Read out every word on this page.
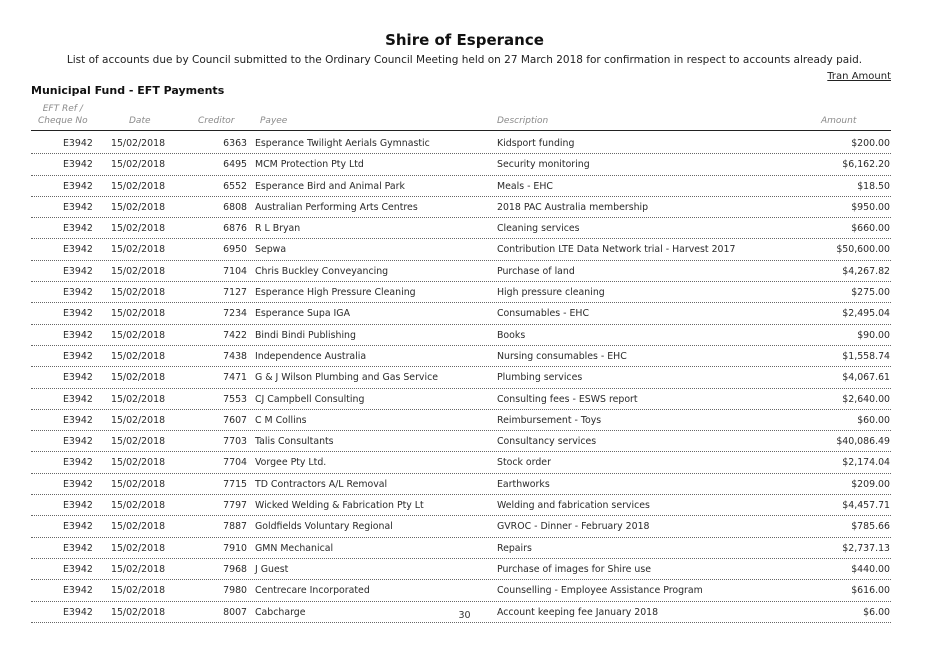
Shire of Esperance
List of accounts due by Council submitted to the Ordinary Council Meeting held on 27 March 2018 for confirmation in respect to accounts already paid.
Tran Amount
Municipal Fund - EFT Payments
EFT Ref /
Cheque No	Date	Creditor	Payee	Description	Amount
E3942 15/02/2018	6363 Esperance Twilight Aerials Gymnastic	Kidsport funding	$200.00
E3942 15/02/2018	6495 MCM Protection Pty Ltd	Security monitoring	$6,162.20
E3942 15/02/2018	6552 Esperance Bird and Animal Park	Meals - EHC	$18.50
E3942 15/02/2018	6808 Australian Performing Arts Centres	2018 PAC Australia membership	$950.00
E3942 15/02/2018	6876 R L Bryan	Cleaning services	$660.00
E3942 15/02/2018	6950 Sepwa	Contribution LTE Data Network trial - Harvest 2017	$50,600.00
E3942 15/02/2018	7104 Chris Buckley Conveyancing	Purchase of land	$4,267.82
E3942 15/02/2018	7127 Esperance High Pressure Cleaning	High pressure cleaning	$275.00
E3942 15/02/2018	7234 Esperance Supa IGA	Consumables - EHC	$2,495.04
E3942 15/02/2018	7422 Bindi Bindi Publishing	Books	$90.00
E3942 15/02/2018	7438 Independence Australia	Nursing consumables - EHC	$1,558.74
E3942 15/02/2018	7471 G & J Wilson Plumbing and Gas Service	Plumbing services	$4,067.61
E3942 15/02/2018	7553 CJ Campbell Consulting	Consulting fees - ESWS report	$2,640.00
E3942 15/02/2018	7607 C M Collins	Reimbursement - Toys	$60.00
E3942 15/02/2018	7703 Talis Consultants	Consultancy services	$40,086.49
E3942 15/02/2018	7704 Vorgee Pty Ltd.	Stock order	$2,174.04
E3942 15/02/2018	7715 TD Contractors A/L Removal	Earthworks	$209.00
E3942 15/02/2018	7797 Wicked Welding & Fabrication Pty Lt	Welding and fabrication services	$4,457.71
E3942 15/02/2018	7887 Goldfields Voluntary Regional	GVROC - Dinner - February 2018	$785.66
E3942 15/02/2018	7910 GMN Mechanical	Repairs	$2,737.13
E3942 15/02/2018	7968 J Guest	Purchase of images for Shire use	$440.00
E3942 15/02/2018	7980 Centrecare Incorporated	Counselling - Employee Assistance Program	$616.00
E3942 15/02/2018	8007 Cabcharge	Account keeping fee January 2018	$6.00
30
